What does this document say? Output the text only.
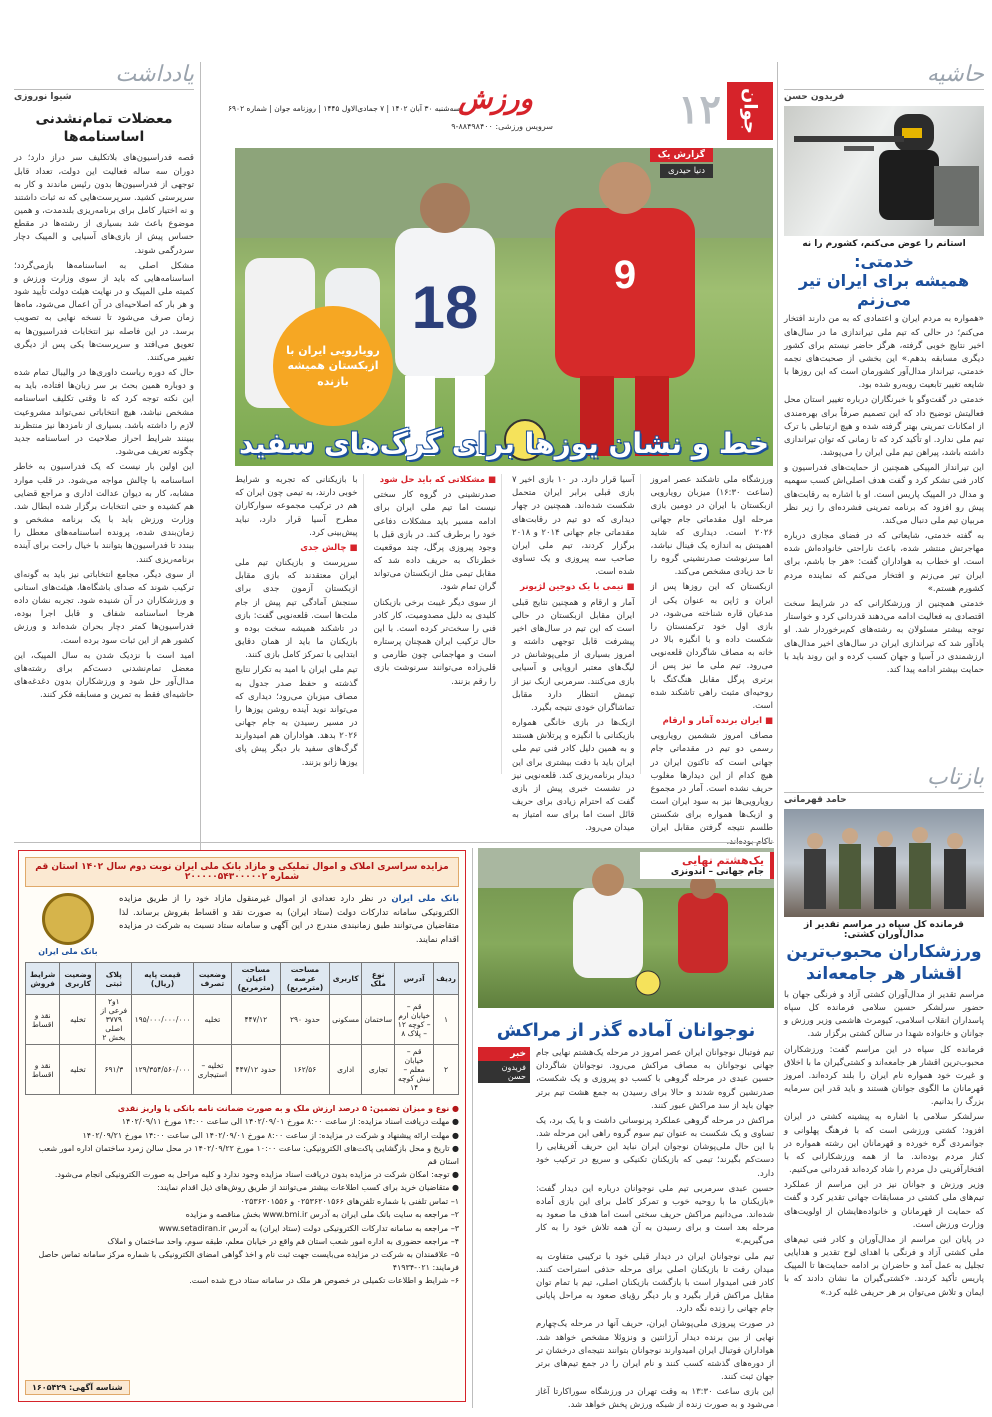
حاشیه
فریدون حسن
استانم را عوض می‌کنم، کشورم را نه
خدمتی:
همیشه برای ایران تیر می‌زنم

«همواره به مردم ایران و اعتمادی که به من دارند افتخار می‌کنم؛ در حالی که تیم ملی تیراندازی ما در سال‌های اخیر نتایج خوبی گرفته، هرگز حاضر نیستم برای کشور دیگری مسابقه بدهم.» این بخشی از صحبت‌های نجمه خدمتی، تیرانداز مدال‌آور کشورمان است که این روزها با شایعه تغییر تابعیت روبه‌رو شده بود.

خدمتی در گفت‌وگو با خبرنگاران درباره تغییر استان محل فعالیتش توضیح داد که این تصمیم صرفاً برای بهره‌مندی از امکانات تمرینی بهتر گرفته شده و هیچ ارتباطی با ترک تیم ملی ندارد. او تأکید کرد که تا زمانی که توان تیراندازی داشته باشد، پیراهن تیم ملی ایران را می‌پوشد.

این تیرانداز المپیکی همچنین از حمایت‌های فدراسیون و کادر فنی تشکر کرد و گفت هدف اصلی‌اش کسب سهمیه و مدال در المپیک پاریس است. او با اشاره به رقابت‌های پیش رو افزود که برنامه تمرینی فشرده‌ای را زیر نظر مربیان تیم ملی دنبال می‌کند.

به گفته خدمتی، شایعاتی که در فضای مجازی درباره مهاجرتش منتشر شده، باعث ناراحتی خانواده‌اش شده است. او خطاب به هواداران گفت: «هر جا باشم، برای ایران تیر می‌زنم و افتخار می‌کنم که نماینده مردم کشورم هستم.»

خدمتی همچنین از ورزشکارانی که در شرایط سخت اقتصادی به فعالیت ادامه می‌دهند قدردانی کرد و خواستار توجه بیشتر مسئولان به رشته‌های کم‌برخوردار شد. او یادآور شد که تیراندازی ایران در سال‌های اخیر مدال‌های ارزشمندی در آسیا و جهان کسب کرده و این روند باید با حمایت بیشتر ادامه پیدا کند.

بازتاب
حامد قهرمانی
قرمانده کل سپاه در مراسم تقدیر از مدال‌آوران کشتی:
ورزشکاران محبوب‌ترین اقشار هر جامعه‌اند

مراسم تقدیر از مدال‌آوران کشتی آزاد و فرنگی جهان با حضور سرلشکر حسین سلامی فرمانده کل سپاه پاسداران انقلاب اسلامی، کیومرث هاشمی وزیر ورزش و جوانان و خانواده شهدا در سالن کشتی برگزار شد.

فرمانده کل سپاه در این مراسم گفت: ورزشکاران محبوب‌ترین اقشار هر جامعه‌اند و کشتی‌گیران ما با اخلاق و غیرت خود همواره نام ایران را بلند کرده‌اند. امروز قهرمانان ما الگوی جوانان هستند و باید قدر این سرمایه بزرگ را بدانیم.

سرلشکر سلامی با اشاره به پیشینه کشتی در ایران افزود: کشتی ورزشی است که با فرهنگ پهلوانی و جوانمردی گره خورده و قهرمانان این رشته همواره در کنار مردم بوده‌اند. ما از همه ورزشکارانی که با افتخارآفرینی دل مردم را شاد کرده‌اند قدردانی می‌کنیم.

وزیر ورزش و جوانان نیز در این مراسم از عملکرد تیم‌های ملی کشتی در مسابقات جهانی تقدیر کرد و گفت که حمایت از قهرمانان و خانواده‌هایشان از اولویت‌های وزارت ورزش است.

در پایان این مراسم از مدال‌آوران و کادر فنی تیم‌های ملی کشتی آزاد و فرنگی با اهدای لوح تقدیر و هدایایی تجلیل به عمل آمد و حاضران بر ادامه حمایت‌ها تا المپیک پاریس تأکید کردند. «کشتی‌گیران ما نشان دادند که با ایمان و تلاش می‌توان بر هر حریفی غلبه کرد.»

یادداشت
شیوا نوروزی
معضلات تمام‌نشدنی اساسنامه‌ها

قصه فدراسیون‌های بلاتکلیف سر دراز دارد؛ در دوران سه ساله فعالیت این دولت، تعداد قابل توجهی از فدراسیون‌ها بدون رئیس ماندند و کار به سرپرستی کشید. سرپرست‌هایی که نه ثبات داشتند و نه اختیار کامل برای برنامه‌ریزی بلندمدت، و همین موضوع باعث شد بسیاری از رشته‌ها در مقطع حساس پیش از بازی‌های آسیایی و المپیک دچار سردرگمی شوند.

مشکل اصلی به اساسنامه‌ها بازمی‌گردد؛ اساسنامه‌هایی که باید از سوی وزارت ورزش و کمیته ملی المپیک و در نهایت هیئت دولت تأیید شود و هر بار که اصلاحیه‌ای در آن اعمال می‌شود، ماه‌ها زمان صرف می‌شود تا نسخه نهایی به تصویب برسد. در این فاصله نیز انتخابات فدراسیون‌ها به تعویق می‌افتد و سرپرست‌ها یکی پس از دیگری تغییر می‌کنند.

حال که دوره ریاست داوری‌ها در والیبال تمام شده و دوباره همین بحث بر سر زبان‌ها افتاده، باید به این نکته توجه کرد که تا وقتی تکلیف اساسنامه مشخص نباشد، هیچ انتخاباتی نمی‌تواند مشروعیت لازم را داشته باشد. بسیاری از نامزدها نیز منتظرند ببینند شرایط احراز صلاحیت در اساسنامه جدید چگونه تعریف می‌شود.

این اولین بار نیست که یک فدراسیون به خاطر اساسنامه با چالش مواجه می‌شود. در قلب موارد مشابه، کار به دیوان عدالت اداری و مراجع قضایی هم کشیده و حتی انتخابات برگزار شده ابطال شد. وزارت ورزش باید با یک برنامه مشخص و زمان‌بندی شده، پرونده اساسنامه‌های معطل را ببندد تا فدراسیون‌ها بتوانند با خیال راحت برای آینده برنامه‌ریزی کنند.

از سوی دیگر، مجامع انتخاباتی نیز باید به گونه‌ای ترکیب شوند که صدای باشگاه‌ها، هیئت‌های استانی و ورزشکاران در آن شنیده شود. تجربه نشان داده هرجا اساسنامه شفاف و قابل اجرا بوده، فدراسیون‌ها کمتر دچار بحران شده‌اند و ورزش کشور هم از این ثبات سود برده است.

امید است با نزدیک شدن به سال المپیک، این معضل تمام‌نشدنی دست‌کم برای رشته‌های مدال‌آور حل شود و ورزشکاران بدون دغدغه‌های حاشیه‌ای فقط به تمرین و مسابقه فکر کنند.

جوان
۱۲
ورزش
سرویس ورزشی: ۸۸۴۹۸۴۰۰-۹
سه‌شنبه ۳۰ آبان ۱۴۰۲ | ۷ جمادی‌الاول ۱۴۴۵ | روزنامه جوان | شماره ۶۹۰۲
18	9
گزارش یک
دنیا حیدری
رویارویی ایران با ازبکستان همیشه بازنده
خط و نشان یوزها برای گرگ‌های سفید

ورزشگاه ملی تاشکند عصر امروز (ساعت ۱۶:۳۰) میزبان رویارویی ازبکستان با ایران در دومین بازی مرحله اول مقدماتی جام جهانی ۲۰۲۶ است. دیداری که شاید اهمیتش به اندازه یک فینال نباشد، اما سرنوشت صدرنشینی گروه را تا حد زیادی مشخص می‌کند.

ازبکستان که این روزها پس از ایران و ژاپن به عنوان یکی از مدعیان قاره شناخته می‌شود، در بازی اول خود ترکمنستان را شکست داده و با انگیزه بالا در خانه به مصاف شاگردان قلعه‌نویی می‌رود. تیم ملی ما نیز پس از برتری پرگل مقابل هنگ‌کنگ با روحیه‌ای مثبت راهی تاشکند شده است.

■ ایران برنده آمار و ارقام

مصاف امروز ششمین رویارویی رسمی دو تیم در مقدماتی جام جهانی است که تاکنون ایران در هیچ کدام از این دیدارها مغلوب حریف نشده است. آمار در مجموع رویارویی‌ها نیز به سود ایران است و ازبک‌ها همواره برای شکستن طلسم نتیجه گرفتن مقابل ایران

آسیا قرار دارد. در ۱۰ بازی اخیر ۷ بازی قبلی برابر ایران متحمل شکست شده‌اند. همچنین در چهار دیداری که دو تیم در رقابت‌های مقدماتی جام جهانی ۲۰۱۴ و ۲۰۱۸ برگزار کردند، تیم ملی ایران صاحب سه پیروزی و یک تساوی شده است.

■ تیمی با یک دوجین لژیونر

آمار و ارقام و همچنین نتایج قبلی ایران مقابل ازبکستان در حالی است که این تیم در سال‌های اخیر پیشرفت قابل توجهی داشته و امروز بسیاری از ملی‌پوشانش در لیگ‌های معتبر اروپایی و آسیایی بازی می‌کنند. سرمربی ازبک نیز از تیمش انتظار دارد مقابل تماشاگران خودی نتیجه بگیرد.

ازبک‌ها در بازی خانگی همواره بازیکنانی با انگیزه و پرتلاش هستند و به همین دلیل کادر فنی تیم ملی ایران باید با دقت بیشتری برای این دیدار برنامه‌ریزی کند. قلعه‌نویی نیز در نشست خبری پیش از بازی گفت که احترام زیادی برای حریف قائل است اما برای سه امتیاز به میدان می‌رود.

■ مشکلاتی که باید حل شود

صدرنشینی در گروه کار سختی نیست اما تیم ملی ایران برای ادامه مسیر باید مشکلات دفاعی خود را برطرف کند. در بازی قبل با وجود پیروزی پرگل، چند موقعیت خطرناک به حریف داده شد که مقابل تیمی مثل ازبکستان می‌تواند گران تمام شود.

از سوی دیگر غیبت برخی بازیکنان کلیدی به دلیل مصدومیت، کار کادر فنی را سخت‌تر کرده است. با این حال ترکیب ایران همچنان پرستاره است و مهاجمانی چون طارمی و قلی‌زاده می‌توانند سرنوشت بازی را رقم بزنند.

با بازیکنانی که تجربه و شرایط خوبی دارند، به تیمی چون ایران که هم در ترکیب مجموعه سوارکاران مطرح آسیا قرار دارد، نباید پیش‌بینی کرد.

■ چالش جدی

سرپرست و بازیکنان تیم ملی ایران معتقدند که بازی مقابل ازبکستان آزمون جدی برای سنجش آمادگی تیم پیش از جام ملت‌ها است. قلعه‌نویی گفت: بازی در تاشکند همیشه سخت بوده و بازیکنان ما باید از همان دقایق ابتدایی با تمرکز کامل بازی کنند.

تیم ملی ایران با امید به تکرار نتایج گذشته و حفظ صدر جدول به مصاف میزبان می‌رود؛ دیداری که می‌تواند نوید آینده روشن یوزها را در مسیر رسیدن به جام جهانی ۲۰۲۶ بدهد. هواداران هم امیدوارند گرگ‌های سفید بار دیگر پیش پای یوزها زانو بزنند.

یک‌هشتم نهایی
جام جهانی – اندونزی
نوجوانان آماده گذر از مراکش

تیم فوتبال نوجوانان ایران عصر امروز در مرحله یک‌هشتم نهایی جام جهانی نوجوانان به مصاف مراکش می‌رود. نوجوانان شاگردان حسین عبدی در مرحله گروهی با کسب دو پیروزی و یک شکست، صدرنشین گروه شدند و حالا برای رسیدن به جمع هشت تیم برتر جهان باید از سد مراکش عبور کنند.

مراکش در مرحله گروهی عملکرد پرنوسانی داشت و با یک برد، یک تساوی و یک شکست به عنوان تیم سوم گروه راهی این مرحله شد. با این حال ملی‌پوشان نوجوان ایران نباید این حریف آفریقایی را دست‌کم بگیرند؛ تیمی که بازیکنان تکنیکی و سریع در ترکیب خود دارد.

حسین عبدی سرمربی تیم ملی نوجوانان درباره این دیدار گفت: «بازیکنان ما با روحیه خوب و تمرکز کامل برای این بازی آماده شده‌اند. می‌دانیم مراکش حریف سختی است اما هدف ما صعود به مرحله بعد است و برای رسیدن به آن همه تلاش خود را به کار می‌گیریم.»

تیم ملی نوجوانان ایران در دیدار قبلی خود با ترکیبی متفاوت به میدان رفت تا بازیکنان اصلی برای مرحله حذفی استراحت کنند. کادر فنی امیدوار است با بازگشت بازیکنان اصلی، تیم با تمام توان مقابل مراکش قرار بگیرد و بار دیگر رؤیای صعود به مراحل پایانی جام جهانی را زنده نگه دارد.

در صورت پیروزی ملی‌پوشان ایران، حریف آنها در مرحله یک‌چهارم نهایی از بین برنده دیدار آرژانتین و ونزوئلا مشخص خواهد شد. هواداران فوتبال ایران امیدوارند نوجوانان بتوانند نتیجه‌ای درخشان تر از دوره‌های گذشته کسب کنند و نام ایران را در جمع تیم‌های برتر جهان ثبت کنند.

این بازی ساعت ۱۳:۳۰ به وقت تهران در ورزشگاه سوراکارتا آغاز می‌شود و به صورت زنده از شبکه ورزش پخش خواهد شد.

خبر
فریدون حسن
مزایده سراسری املاک و اموال تملیکی و مازاد بانک ملی ایران نوبت دوم سال ۱۴۰۲ استان قم شماره ۲۰۰۰۰۰۵۴۳۰۰۰۰۰۲
بانک ملی ایران در نظر دارد تعدادی از اموال غیرمنقول مازاد خود را از طریق مزایده الکترونیکی سامانه تدارکات دولت (ستاد ایران) به صورت نقد و اقساط بفروش برساند. لذا متقاضیان می‌توانند طبق زمانبندی مندرج در این آگهی و سامانه ستاد نسبت به شرکت در مزایده اقدام نمایند.
بانک ملی ایران
ردیف	آدرس	نوع ملک	کاربری	مساحت عرصه (مترمربع)	مساحت اعیان (مترمربع)	وضعیت تصرف	قیمت پایه (ریال)	پلاک ثبتی	وضعیت کاربری	شرایط فروش
۱	قم – خیابان ارم – کوچه ۱۲ – پلاک ۸	ساختمان	مسکونی	حدود ۲۹۰	۴۴۷/۱۲	تخلیه	۱۹۵/۰۰۰/۰۰۰/۰۰۰	۱و۲ فرعی از ۳۷۷۹ اصلی بخش ۲	تخلیه	نقد و اقساط
۲	قم – خیابان معلم – نبش کوچه ۱۴	تجاری	اداری	۱۶۲/۵۶	حدود ۴۴۷/۱۲	تخلیه – استیجاری	۱۲۹/۳۵۴/۵۶۰/۰۰۰	۶۹۱/۳	تخلیه	نقد و اقساط
● نوع و میزان تضمین: ۵ درصد ارزش ملک و به صورت ضمانت نامه بانکی یا واریز نقدی
● مهلت دریافت اسناد مزایده: از ساعت ۸:۰۰ مورخ ۱۴۰۲/۰۹/۰۱ الی ساعت ۱۴:۰۰ مورخ ۱۴۰۲/۰۹/۱۱
● مهلت ارائه پیشنهاد و شرکت در مزایده: از ساعت ۸:۰۰ مورخ ۱۴۰۲/۰۹/۰۱ الی ساعت ۱۴:۰۰ مورخ ۱۴۰۲/۰۹/۲۱
● تاریخ و محل بازگشایی پاکت‌های الکترونیکی: ساعت ۱۰:۰۰ مورخ ۱۴۰۲/۰۹/۲۲ در محل سالن زمرد ساختمان اداره امور شعب استان قم
● توجه: امکان شرکت در مزایده بدون دریافت اسناد مزایده وجود ندارد و کلیه مراحل به صورت الکترونیکی انجام می‌شود.
● متقاضیان خرید برای کسب اطلاعات بیشتر می‌توانند از طریق روش‌های ذیل اقدام نمایند:
۱– تماس تلفنی با شماره تلفن‌های ۰۲۵۳۶۲۰۱۵۶۶ و ۰۲۵۳۶۲۰۱۵۵۶
۲– مراجعه به سایت بانک ملی ایران به آدرس www.bmi.ir بخش مناقصه و مزایده
۳– مراجعه به سامانه تدارکات الکترونیکی دولت (ستاد ایران) به آدرس www.setadiran.ir
۴– مراجعه حضوری به اداره امور شعب استان قم واقع در خیابان معلم، طبقه سوم، واحد ساختمان و املاک
۵– علاقمندان به شرکت در مزایده می‌بایست جهت ثبت نام و اخذ گواهی امضای الکترونیکی با شماره مرکز سامانه تماس حاصل فرمایند: ۰۲۱-۴۱۹۳۴
۶– شرایط و اطلاعات تکمیلی در خصوص هر ملک در سامانه ستاد درج شده است.
شناسه آگهی: ۱۶۰۵۴۲۹
